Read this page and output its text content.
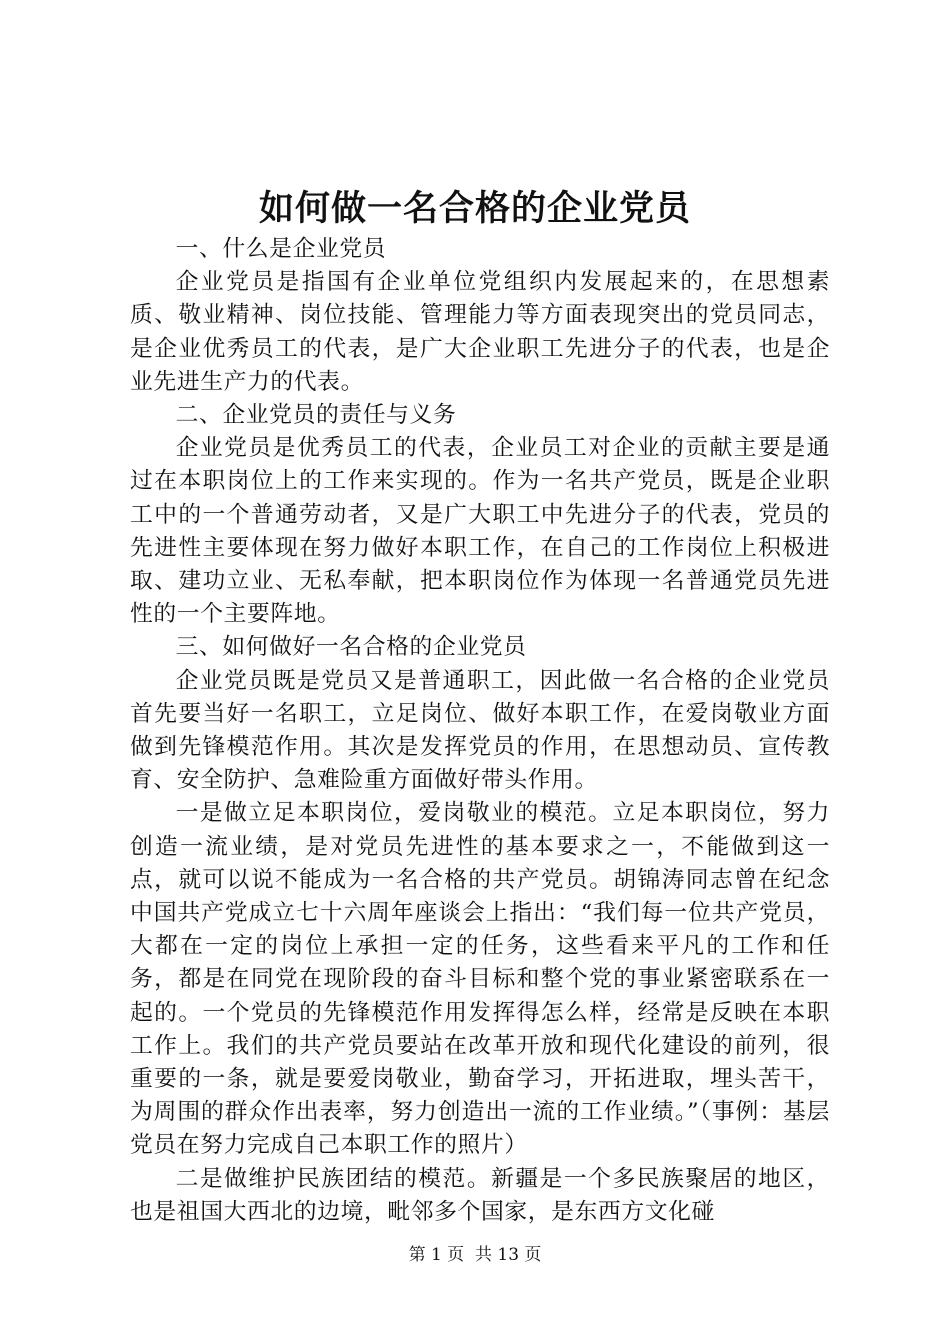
如何做一名合格的企业党员

一、什么是企业党员

企业党员是指国有企业单位党组织内发展起来的，在思想素质、敬业精神、岗位技能、管理能力等方面表现突出的党员同志，是企业优秀员工的代表，是广大企业职工先进分子的代表，也是企业先进生产力的代表。

二、企业党员的责任与义务

企业党员是优秀员工的代表，企业员工对企业的贡献主要是通过在本职岗位上的工作来实现的。作为一名共产党员，既是企业职工中的一个普通劳动者，又是广大职工中先进分子的代表，党员的先进性主要体现在努力做好本职工作，在自己的工作岗位上积极进取、建功立业、无私奉献，把本职岗位作为体现一名普通党员先进性的一个主要阵地。

三、如何做好一名合格的企业党员

企业党员既是党员又是普通职工，因此做一名合格的企业党员首先要当好一名职工，立足岗位、做好本职工作，在爱岗敬业方面做到先锋模范作用。其次是发挥党员的作用，在思想动员、宣传教育、安全防护、急难险重方面做好带头作用。

一是做立足本职岗位，爱岗敬业的模范。立足本职岗位，努力创造一流业绩，是对党员先进性的基本要求之一，不能做到这一点，就可以说不能成为一名合格的共产党员。胡锦涛同志曾在纪念中国共产党成立七十六周年座谈会上指出：“我们每一位共产党员，大都在一定的岗位上承担一定的任务，这些看来平凡的工作和任务，都是在同党在现阶段的奋斗目标和整个党的事业紧密联系在一起的。一个党员的先锋模范作用发挥得怎么样，经常是反映在本职工作上。我们的共产党员要站在改革开放和现代化建设的前列，很重要的一条，就是要爱岗敬业，勤奋学习，开拓进取，埋头苦干，为周围的群众作出表率，努力创造出一流的工作业绩。”（事例：基层党员在努力完成自己本职工作的照片）

二是做维护民族团结的模范。新疆是一个多民族聚居的地区，也是祖国大西北的边境，毗邻多个国家，是东西方文化碰

第 1 页  共 13 页
